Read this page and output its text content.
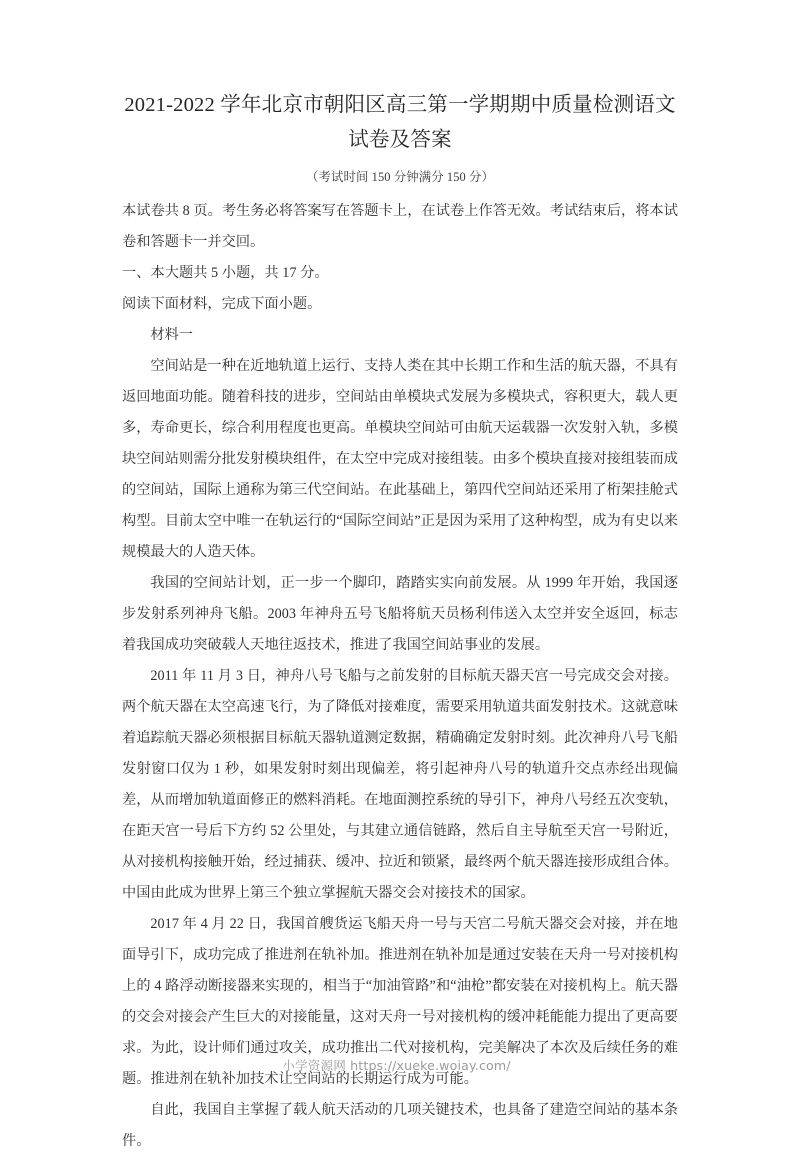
2021-2022 学年北京市朝阳区高三第一学期期中质量检测语文试卷及答案

（考试时间 150 分钟满分 150 分）

本试卷共 8 页。考生务必将答案写在答题卡上，在试卷上作答无效。考试结束后，将本试卷和答题卡一并交回。

一、本大题共 5 小题，共 17 分。

阅读下面材料，完成下面小题。

材料一

空间站是一种在近地轨道上运行、支持人类在其中长期工作和生活的航天器，不具有返回地面功能。随着科技的进步，空间站由单模块式发展为多模块式，容积更大，载人更多，寿命更长，综合利用程度也更高。单模块空间站可由航天运载器一次发射入轨，多模块空间站则需分批发射模块组件，在太空中完成对接组装。由多个模块直接对接组装而成的空间站，国际上通称为第三代空间站。在此基础上，第四代空间站还采用了桁架挂舱式构型。目前太空中唯一在轨运行的“国际空间站”正是因为采用了这种构型，成为有史以来规模最大的人造天体。

我国的空间站计划，正一步一个脚印，踏踏实实向前发展。从 1999 年开始，我国逐步发射系列神舟飞船。2003 年神舟五号飞船将航天员杨利伟送入太空并安全返回，标志着我国成功突破载人天地往返技术，推进了我国空间站事业的发展。

2011 年 11 月 3 日，神舟八号飞船与之前发射的目标航天器天宫一号完成交会对接。两个航天器在太空高速飞行，为了降低对接难度，需要采用轨道共面发射技术。这就意味着追踪航天器必须根据目标航天器轨道测定数据，精确确定发射时刻。此次神舟八号飞船发射窗口仅为 1 秒，如果发射时刻出现偏差，将引起神舟八号的轨道升交点赤经出现偏差，从而增加轨道面修正的燃料消耗。在地面测控系统的导引下，神舟八号经五次变轨，在距天宫一号后下方约 52 公里处，与其建立通信链路，然后自主导航至天宫一号附近，从对接机构接触开始，经过捕获、缓冲、拉近和锁紧，最终两个航天器连接形成组合体。中国由此成为世界上第三个独立掌握航天器交会对接技术的国家。

2017 年 4 月 22 日，我国首艘货运飞船天舟一号与天宫二号航天器交会对接，并在地面导引下，成功完成了推进剂在轨补加。推进剂在轨补加是通过安装在天舟一号对接机构上的 4 路浮动断接器来实现的，相当于“加油管路”和“油枪”都安装在对接机构上。航天器的交会对接会产生巨大的对接能量，这对天舟一号对接机构的缓冲耗能能力提出了更高要求。为此，设计师们通过攻关，成功推出二代对接机构，完美解决了本次及后续任务的难题。推进剂在轨补加技术让空间站的长期运行成为可能。

自此，我国自主掌握了载人航天活动的几项关键技术，也具备了建造空间站的基本条件。

小学资源网 https://xueke.woiay.com/
